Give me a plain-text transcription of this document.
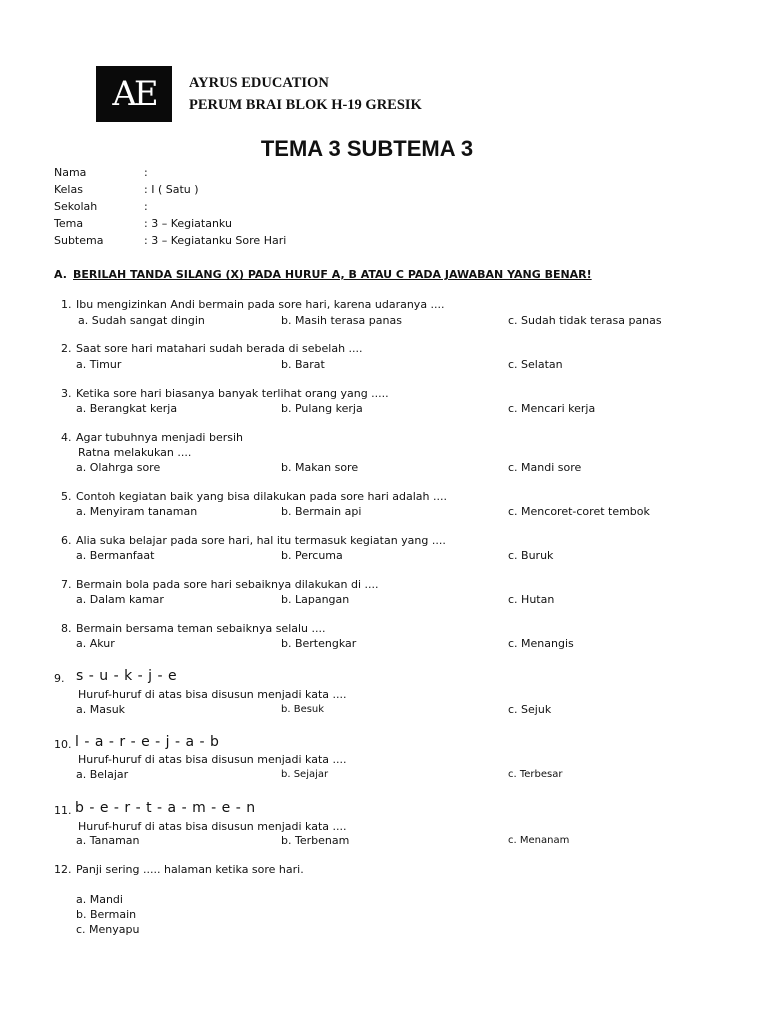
AE AYRUS EDUCATION
PERUM BRAI BLOK H-19 GRESIK
TEMA 3 SUBTEMA 3
Nama	:
Kelas	: I ( Satu )
Sekolah	:
Tema	: 3 – Kegiatanku
Subtema	: 3 – Kegiatanku Sore Hari
A. BERILAH TANDA SILANG (X) PADA HURUF A, B ATAU C PADA JAWABAN YANG BENAR!
1. Ibu mengizinkan Andi bermain pada sore hari, karena udaranya ....
a. Sudah sangat dingin	b. Masih terasa panas	c. Sudah tidak terasa panas
2. Saat sore hari matahari sudah berada di sebelah ....
a. Timur	b. Barat	c. Selatan
3. Ketika sore hari biasanya banyak terlihat orang yang .....
a. Berangkat kerja	b. Pulang kerja	c. Mencari kerja
4. Agar tubuhnya menjadi bersih
Ratna melakukan ....
a. Olahrga sore	b. Makan sore	c. Mandi sore
5. Contoh kegiatan baik yang bisa dilakukan pada sore hari adalah ....
a. Menyiram tanaman	b. Bermain api	c. Mencoret-coret tembok
6. Alia suka belajar pada sore hari, hal itu termasuk kegiatan yang ....
a. Bermanfaat	b. Percuma	c. Buruk
7. Bermain bola pada sore hari sebaiknya dilakukan di ....
a. Dalam kamar	b. Lapangan	c. Hutan
8. Bermain bersama teman sebaiknya selalu ....
a. Akur	b. Bertengkar	c. Menangis
9. s - u - k - j - e
Huruf-huruf di atas bisa disusun menjadi kata ....
a. Masuk	b. Besuk	c. Sejuk
10. l - a - r - e - j - a - b
Huruf-huruf di atas bisa disusun menjadi kata ....
a. Belajar	b. Sejajar	c. Terbesar
11. b - e - r - t - a - m - e - n
Huruf-huruf di atas bisa disusun menjadi kata ....
a. Tanaman	b. Terbenam	c. Menanam
12. Panji sering ..... halaman ketika sore hari.
a. Mandi
b. Bermain
c. Menyapu
